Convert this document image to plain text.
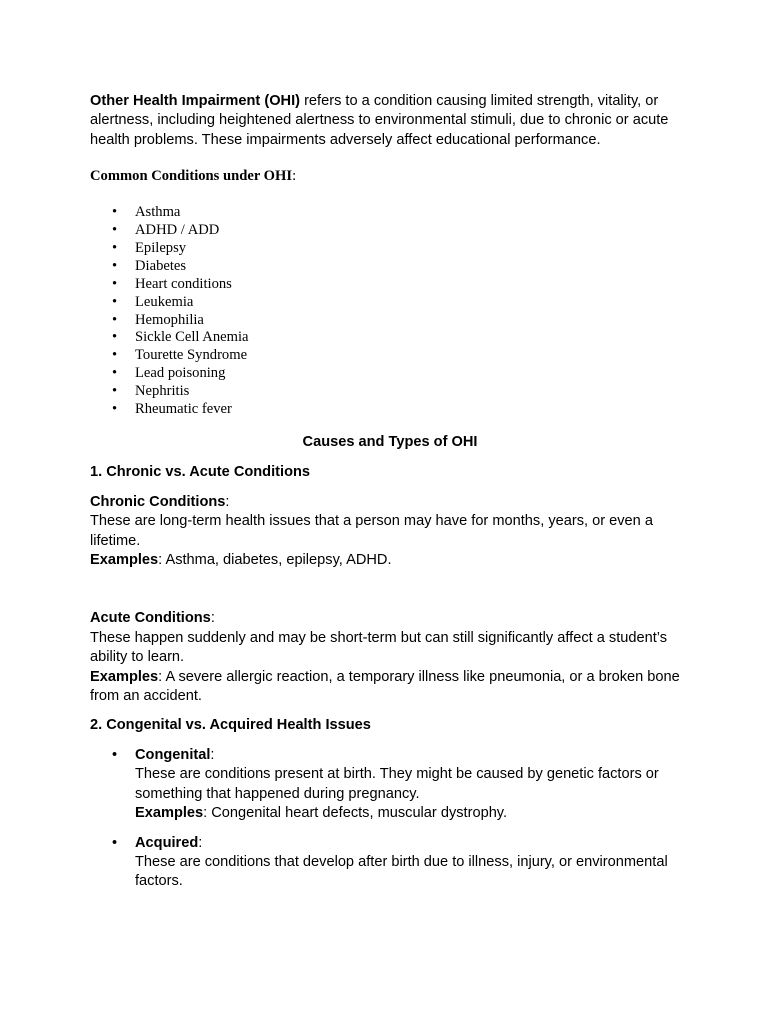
Other Health Impairment (OHI) refers to a condition causing limited strength, vitality, or alertness, including heightened alertness to environmental stimuli, due to chronic or acute health problems. These impairments adversely affect educational performance.

Common Conditions under OHI:

• Asthma
• ADHD / ADD
• Epilepsy
• Diabetes
• Heart conditions
• Leukemia
• Hemophilia
• Sickle Cell Anemia
• Tourette Syndrome
• Lead poisoning
• Nephritis
• Rheumatic fever

Causes and Types of OHI

1. Chronic vs. Acute Conditions

Chronic Conditions:

These are long-term health issues that a person may have for months, years, or even a lifetime.

Examples: Asthma, diabetes, epilepsy, ADHD.

Acute Conditions:

These happen suddenly and may be short-term but can still significantly affect a student’s ability to learn.

Examples: A severe allergic reaction, a temporary illness like pneumonia, or a broken bone from an accident.

2. Congenital vs. Acquired Health Issues

• Congenital:

These are conditions present at birth. They might be caused by genetic factors or something that happened during pregnancy.

Examples: Congenital heart defects, muscular dystrophy.

• Acquired:

These are conditions that develop after birth due to illness, injury, or environmental factors.
